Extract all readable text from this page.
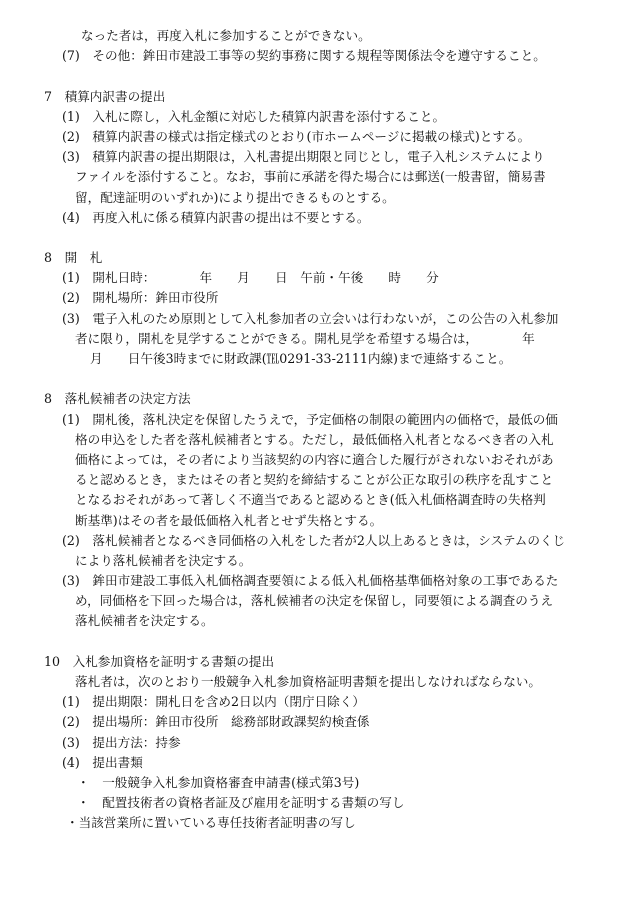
なった者は，再度入札に参加することができない。
(7)　その他：鉾田市建設工事等の契約事務に関する規程等関係法令を遵守すること。
7　積算内訳書の提出
(1)　入札に際し，入札金額に対応した積算内訳書を添付すること。
(2)　積算内訳書の様式は指定様式のとおり(市ホームページに掲載の様式)とする。
(3)　積算内訳書の提出期限は，入札書提出期限と同じとし，電子入札システムにより
ファイルを添付すること。なお，事前に承諾を得た場合には郵送(一般書留，簡易書
留，配達証明のいずれか)により提出できるものとする。
(4)　再度入札に係る積算内訳書の提出は不要とする。
8　開　札
(1)　開札日時：　　　　年　　月　　日　午前・午後　　時　　分
(2)　開札場所：鉾田市役所
(3)　電子入札のため原則として入札参加者の立会いは行わないが，この公告の入札参加
者に限り，開札を見学することができる。開札見学を希望する場合は，　　　　年
月　　日午後3時までに財政課(℡0291-33-2111内線)まで連絡すること。
8　落札候補者の決定方法
(1)　開札後，落札決定を保留したうえで，予定価格の制限の範囲内の価格で，最低の価
格の申込をした者を落札候補者とする。ただし，最低価格入札者となるべき者の入札
価格によっては，その者により当該契約の内容に適合した履行がされないおそれがあ
ると認めるとき，またはその者と契約を締結することが公正な取引の秩序を乱すこと
となるおそれがあって著しく不適当であると認めるとき(低入札価格調査時の失格判
断基準)はその者を最低価格入札者とせず失格とする。
(2)　落札候補者となるべき同価格の入札をした者が2人以上あるときは，システムのくじ
により落札候補者を決定する。
(3)　鉾田市建設工事低入札価格調査要領による低入札価格基準価格対象の工事であるた
め，同価格を下回った場合は，落札候補者の決定を保留し，同要領による調査のうえ
落札候補者を決定する。
10　入札参加資格を証明する書類の提出
落札者は，次のとおり一般競争入札参加資格証明書類を提出しなければならない。
(1)　提出期限：開札日を含め2日以内（閉庁日除く）
(2)　提出場所：鉾田市役所　総務部財政課契約検査係
(3)　提出方法：持参
(4)　提出書類
・　一般競争入札参加資格審査申請書(様式第3号)
・　配置技術者の資格者証及び雇用を証明する書類の写し
・当該営業所に置いている専任技術者証明書の写し
